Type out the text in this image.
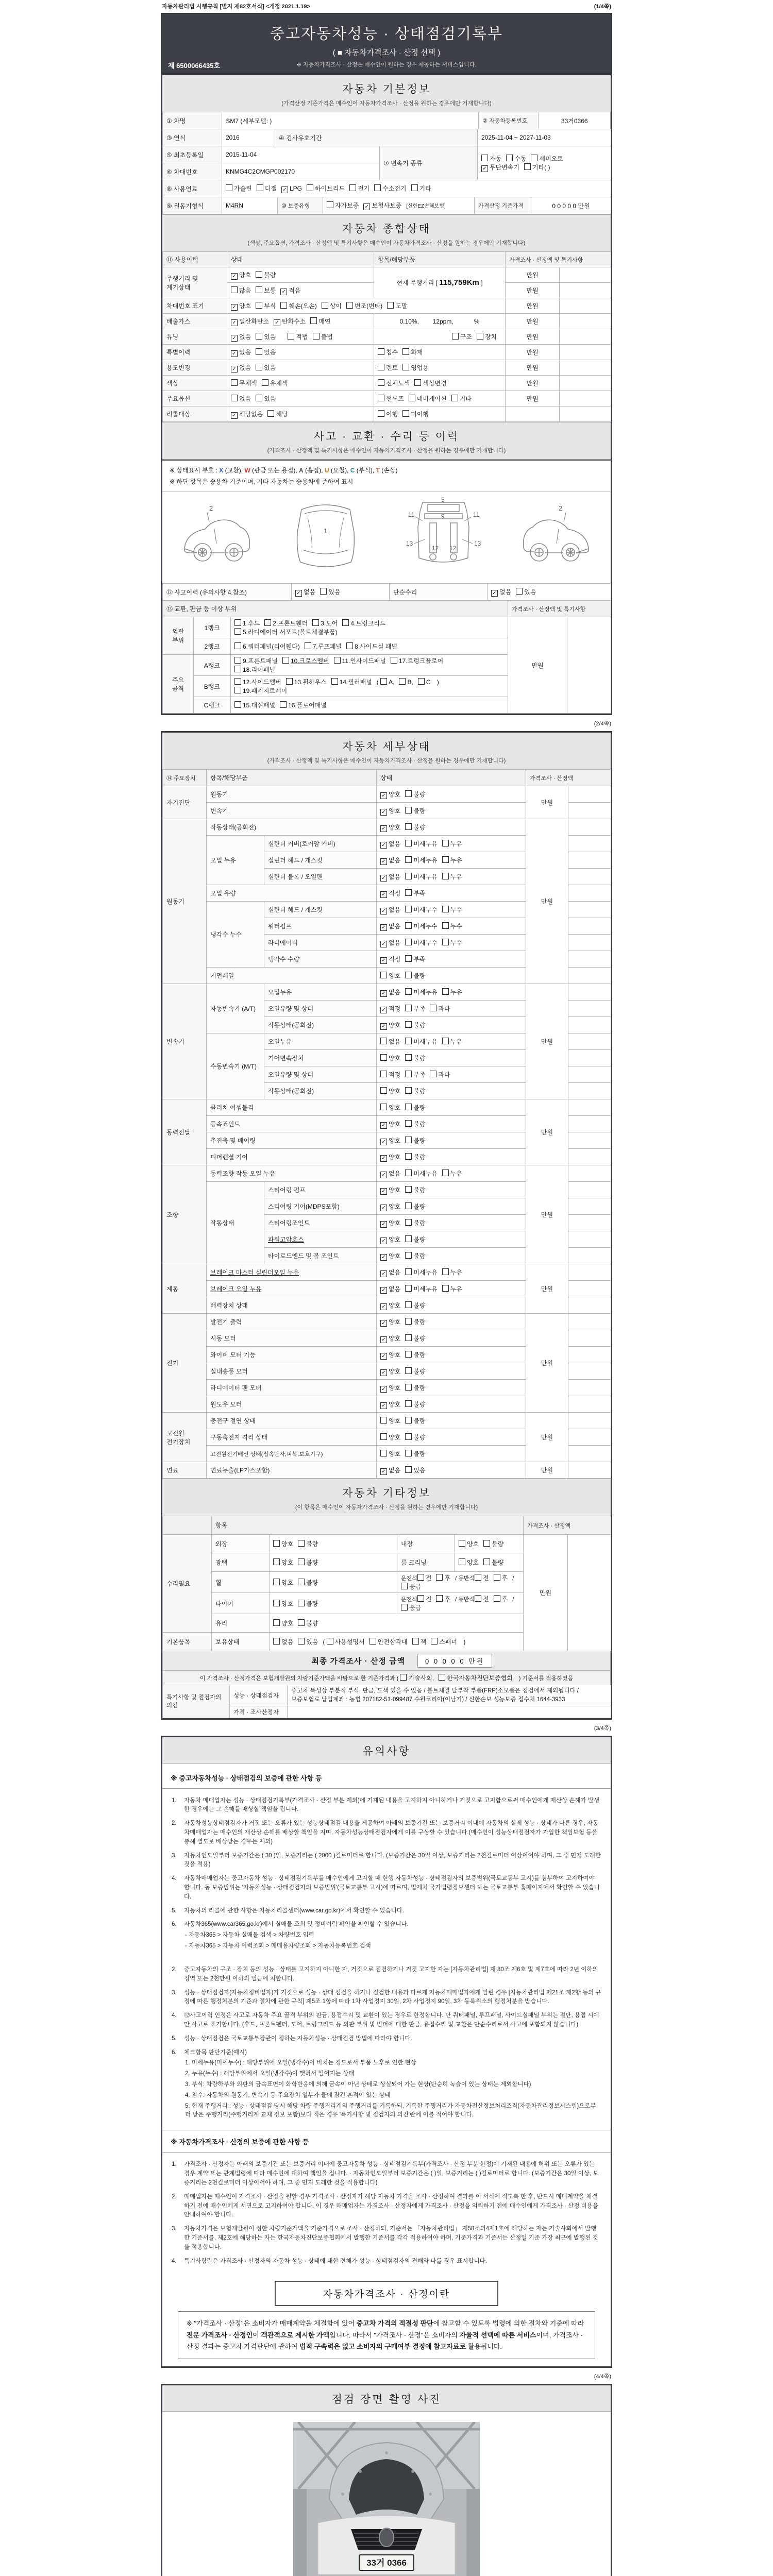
자동차관리법 시행규칙 [별지 제82호서식] <개정 2021.1.19>	(1/4쪽)
중고자동차성능 · 상태점검기록부
( ■ 자동차가격조사 · 산정 선택 )
※ 자동차가격조사 · 산정은 매수인이 원하는 경우 제공하는 서비스입니다.
제 6500066435호
자동차 기본정보
(가격산정 기준가격은 매수인이 자동차가격조사 · 산정을 원하는 경우에만 기재합니다)
① 차명	SM7 (세부모델: )	② 자동차등록번호	33거0366
③ 연식	2016	④ 검사유효기간	2025-11-04 ~ 2027-11-03
⑤ 최초등록일	2015-11-04	⑦ 변속기 종류	자동 수동 세미오토
✓ 무단변속기 기타( )
⑥ 차대번호	KNMG4C2CMGP002170		
⑧ 사용연료	가솔린 디젤 ✓ LPG 하이브리드 전기 수소전기 기타
⑨ 원동기형식	M4RN	⑩ 보증유형	자가보증 ✓ 보험사보증 [신한EZ손해보험]	가격산정 기준가격	0 0 0 0 0 만원
자동차 종합상태
(색상, 주요옵션, 가격조사 · 산정액 및 특기사항은 매수인이 자동차가격조사 · 산정을 원하는 경우에만 기재합니다)
⑪ 사용이력	상태	항목/해당부품	가격조사 · 산정액 및 특기사항	
주행거리 및 계기상태	✓ 양호 불량	현재 주행거리 [ 115,759Km ]	만원	
	많음 보통 ✓ 적음		만원	
차대번호 표기	✓ 양호 부식 훼손(오손) 상이 변조(변타) 도말		만원	
배출가스	✓ 일산화탄소 ✓ 탄화수소 매연	0.10%,        12ppm,            %	만원	
튜닝	✓ 없음 있음 적법 불법	구조 장치	만원	
특별이력	✓ 없음 있음	침수 화재	만원	
용도변경	✓ 없음 있음	렌트 영업용	만원	
색상	무채색 유채색	전체도색 색상변경	만원	
주요옵션	없음 있음	썬루프 네비게이션 기타	만원	
리콜대상	✓ 해당없음 해당	이행 미이행		
사고 · 교환 · 수리 등 이력
(가격조사 · 산정액 및 특기사항은 매수인이 자동차가격조사 · 산정을 원하는 경우에만 기재합니다)
※ 상태표시 부호 : X (교환), W (판금 또는 용접), A (흠집), U (요철), C (부식), T (손상)
※ 하단 항목은 승용차 기준이며, 기타 자동차는 승용차에 준하여 표시
2
1
5
9
11	11
12 12
13	13
2
⑫ 사고이력 (유의사항 4.참조)	✓ 없음 있음	단순수리	✓ 없음 있음
⑬ 교환, 판금 등 이상 부위			가격조사 · 산정액 및 특기사항	
외판 부위	1랭크	1.후드 2.프론트휀더 3.도어 4.트렁크리드
5.라디에이터 서포트(볼트체결부품)	만원	
	2랭크	6.쿼터패널(리어휀다) 7.루프패널 8.사이드실 패널		
주요 골격	A랭크	9.프론트패널 10.크로스멤버 11.인사이드패널 17.트렁크플로어
18.리어패널		
	B랭크	12.사이드멤버 13.휠하우스 14.필러패널 ( A, B, C )
19.패키지트레이		
	C랭크	15.대쉬패널 16.플로어패널		
(2/4쪽)
자동차 세부상태
(가격조사 · 산정액 및 특기사항은 매수인이 자동차가격조사 · 산정을 원하는 경우에만 기재합니다)
⑭ 주요장치	항목/해당부품		상태	가격조사 · 산정액	
자기진단	원동기		✓ 양호 불량	만원	
	변속기		✓ 양호 불량		
원동기	작동상태(공회전)		✓ 양호 불량	만원	
	오일 누유	실린더 커버(로커암 커버)	✓ 없음 미세누유 누유		
		실린더 헤드 / 개스킷	✓ 없음 미세누유 누유		
		실린더 블록 / 오일팬	✓ 없음 미세누유 누유		
	오일 유량		✓ 적정 부족		
	냉각수 누수	실린더 헤드 / 개스킷	✓ 없음 미세누수 누수		
		워터펌프	✓ 없음 미세누수 누수		
		라디에이터	✓ 없음 미세누수 누수		
		냉각수 수량	✓ 적정 부족		
	커먼레일		양호 불량		
변속기	자동변속기 (A/T)	오일누유	✓ 없음 미세누유 누유	만원	
		오일유량 및 상태	✓ 적정 부족 과다		
		작동상태(공회전)	✓ 양호 불량		
	수동변속기 (M/T)	오일누유	없음 미세누유 누유		
		기어변속장치	양호 불량		
		오일유량 및 상태	적정 부족 과다		
		작동상태(공회전)	양호 불량		
동력전달	클러치 어셈블리		양호 불량	만원	
	등속죠인트		✓ 양호 불량		
	추진축 및 베어링		✓ 양호 불량		
	디퍼렌셜 기어		✓ 양호 불량		
조향	동력조향 작동 오일 누유		✓ 없음 미세누유 누유	만원	
	작동상태	스티어링 펌프	✓ 양호 불량		
		스티어링 기어(MDPS포함)	✓ 양호 불량		
		스티어링조인트	✓ 양호 불량		
		파워고압호스	✓ 양호 불량		
		타이로드엔드 및 볼 조인트	✓ 양호 불량		
제동	브레이크 마스터 실린더오일 누유		✓ 없음 미세누유 누유	만원	
	브레이크 오일 누유		✓ 없음 미세누유 누유		
	배력장치 상태		✓ 양호 불량		
전기	발전기 출력		✓ 양호 불량	만원	
	시동 모터		✓ 양호 불량		
	와이퍼 모터 기능		✓ 양호 불량		
	실내송풍 모터		✓ 양호 불량		
	라디에이터 팬 모터		✓ 양호 불량		
	윈도우 모터		✓ 양호 불량		
고전원 전기장치	충전구 절연 상태		양호 불량	만원	
	구동축전지 격리 상태		양호 불량		
	고전원전기배선 상태(접속단자,피복,보호기구)		양호 불량		
연료	연료누출(LP가스포함)		✓ 없음 있음	만원	
자동차 기타정보
(이 항목은 매수인이 자동차가격조사 · 산정을 원하는 경우에만 기재합니다)
	항목				가격조사 · 산정액	
수리필요	외장	양호 불량	내장	양호 불량	만원	
	광택	양호 불량	룸 크리닝	양호 불량		
	휠	양호 불량	운전석 전 후 / 동반석 전 후 /응급			
	타이어	양호 불량	운전석 전 후 / 동반석 전 후 /응급			
	유리	양호 불량				
기본품목	보유상태	없음 있음 ( 사용설명서 안전삼각대 잭 스패너 )				
최종 가격조사 · 산정 금액	0 0 0 0 0 만원
이 가격조사 · 산정가격은 보험개발원의 차량기준가액을 바탕으로 한 기준가격과 ( 기술사회, 한국자동차진단보증협회 ) 기준서를 적용하였음
특기사항 및 점검자의 의견	성능 · 상태점검자	중고차 특성상 부분적 부식, 판금, 도색 있을 수 있음 / 볼트체결 탈부착 부품(FRP)소모품은 점검에서 제외됩니다 / 보증보험료 납입계좌 : 농협 207182-51-099487 수원코리아(이남기) / 신한손보 성능보증 접수처 1644-3933
	가격 · 조사산정자	
(3/4쪽)
유의사항
※ 중고자동차성능 · 상태점검의 보증에 관한 사항 등
1.	자동차 매매업자는 성능 · 상태점검기록부(가격조사 · 산정 부분 제외)에 기재된 내용을 고지하지 아니하거나 거짓으로 고지함으로써 매수인에게 재산상 손해가 발생한 경우에는 그 손해를 배상할 책임을 집니다.
2.	자동차성능상태점검자가 거짓 또는 오류가 있는 성능상태점검 내용을 제공하여 아래의 보증기간 또는 보증거리 이내에 자동차의 실제 성능 · 상태가 다른 경우, 자동차매매업자는 매수인의 재산상 손해를 배상할 책임을 지며, 자동차성능상태점검자에게 이를 구상할 수 있습니다.(매수인이 성능상태점검자가 가입한 책임보험 등을 통해 별도로 배상받는 경우는 제외)
3.	자동차인도일부터 보증기간은 ( 30 )일, 보증거리는 ( 2000 )킬로미터로 합니다. (보증기간은 30일 이상, 보증거리는 2천킬로미터 이상이어야 하며, 그 중 먼저 도래한 것을 적용)
4.	자동차매매업자는 중고자동차 성능 · 상태점검기록부를 매수인에게 고지할 때 현행 자동차성능 · 상태점검자의 보증범위(국토교통부 고시)를 첨부하여 고지하여야 합니다. 동 보증범위는 '자동차성능 · 상태점검자의 보증범위'(국토교통부 고시)에 따르며, 법제처 국가법령정보센터 또는 국토교통부 홈페이지에서 확인할 수 있습니다.
5.	자동차의 리콜에 관한 사항은 자동차리콜센터(www.car.go.kr)에서 확인할 수 있습니다.
6.	자동차365(www.car365.go.kr)에서 실매물 조회 및 정비이력 확인을 확인할 수 있습니다.
- 자동차365 > 자동차 실매물 검색 > 차량번호 입력
- 자동차365 > 자동차 이력조회 > 매매용차량조회 > 자동차등록번호 검색
2.	중고자동차의 구조 · 장치 등의 성능 · 상태를 고지하지 아니한 자, 거짓으로 점검하거나 거짓 고지한 자는 [자동차관리법] 제 80조 제6호 및 제7호에 따라 2년 이하의 징역 또는 2천만원 이하의 벌금에 처합니다.
3.	성능 · 상태점검자(자동차정비업자)가 거짓으로 성능 · 상태 점검을 하거나 점검한 내용과 다르게 자동차매매업자에게 알린 경우 [자동차관리법 제21조 제2항 등의 규정에 따른 행정처분의 기준과 절차에 관한 규칙] 제5조 1항에 따라 1차 사업정지 30일, 2차 사업정지 90일, 3차 등록취소의 행정처분을 받습니다.
4.	⑫사고이력 인정은 사고로 자동차 주요 골격 부위의 판금, 용접수리 및 교환이 있는 경우로 한정합니다. 단 쿼터패널, 루프패널, 사이드실패널 부위는 절단, 용접 시에만 사고로 표기합니다. (후드, 프론트펜더, 도어, 트렁크리드 등 외판 부위 및 범퍼에 대한 판금, 용접수리 및 교환은 단순수리로서 사고에 포함되지 않습니다)
5.	성능 · 상태점검은 국토교통부장관이 정하는 자동차성능 · 상태점검 방법에 따라야 합니다.
6.	체크항목 판단기준(예시)
1. 미세누유(미세누수) : 해당부위에 오일(냉각수)이 비치는 정도로서 부품 노후로 인한 현상
2. 누유(누수) : 해당부위에서 오일(냉각수)이 맺혀서 떨어지는 상태
3. 부식: 차량하부와 외판의 금속표면이 화학반응에 의해 금속이 아닌 상태로 상실되어 가는 현상(단순히 녹슬어 있는 상태는 제외합니다)
4. 침수: 자동차의 원동기, 변속기 등 주요장치 일부가 물에 잠긴 흔적이 있는 상태
5. 현재 주행거리 : 성능 · 상태점검 당시 해당 차량 주행거리계의 주행거리를 기록하되, 기록한 주행거리가 자동차전산정보처리조직(자동차관리정보시스템)으로부터 받은 주행거리(주행거리계 교체 정보 포함)보다 적은 경우 '특기사항 및 점검자의 의견'란에 이를 적어야 합니다.
※ 자동차가격조사 · 산정의 보증에 관한 사항 등
1.	가격조사 · 산정자는 아래의 보증기간 또는 보증거리 이내에 중고자동차 성능 · 상태점검기록부(가격조사 · 산정 부분 한정)에 기재된 내용에 허위 또는 오류가 있는 경우 계약 또는 관계법령에 따라 매수인에 대하여 책임을 집니다. · 자동차인도일부터 보증기간은 ( )일, 보증거리는 ( )킬로미터로 합니다. (보증기간은 30일 이상, 보증거리는 2천킬로미터 이상이어야 하며, 그 중 먼저 도래한 것을 적용합니다)
2.	매매업자는 매수인이 가격조사 · 산정을 원할 경우 가격조사 · 산정자가 해당 자동차 가격을 조사 · 산정하여 결과를 이 서식에 적도록 한 후, 반드시 매매계약을 체결하기 전에 매수인에게 서면으로 고지하여야 합니다. 이 경우 매매업자는 가격조사 · 산정자에게 가격조사 · 산정을 의뢰하기 전에 매수인에게 가격조사 · 산정 비용을 안내하여야 합니다.
3.	자동차가격은 보험개발원이 정한 차량기준가액을 기준가격으로 조사 · 산정하되, 기준서는 「자동차관리법」 제58조의4제1호에 해당하는 자는 기술사회에서 발행한 기준서를, 제2호에 해당하는 자는 한국자동차진단보증협회에서 발행한 기준서를 각각 적용하여야 하며, 기준가격과 기준서는 산정일 기준 가장 최근에 발행된 것을 적용합니다.
4.	특기사항란은 가격조사 · 산정자의 자동차 성능 · 상태에 대한 견해가 성능 · 상태점검자의 견해와 다를 경우 표시합니다.
자동차가격조사 · 산정이란
※ "가격조사 · 산정"은 소비자가 매매계약을 체결함에 있어 중고차 가격의 적절성 판단에 참고할 수 있도록 법령에 의한 절차와 기준에 따라 전문 가격조사 · 산정인이 객관적으로 제시한 가액입니다. 따라서 "가격조사 · 산정"은 소비자의 자율적 선택에 따른 서비스이며, 가격조사 · 산정 결과는 중고차 가격판단에 관하여 법적 구속력은 없고 소비자의 구매여부 결정에 참고자료로 활용됩니다.
(4/4쪽)
점검 장면 촬영 사진
33거 0366
